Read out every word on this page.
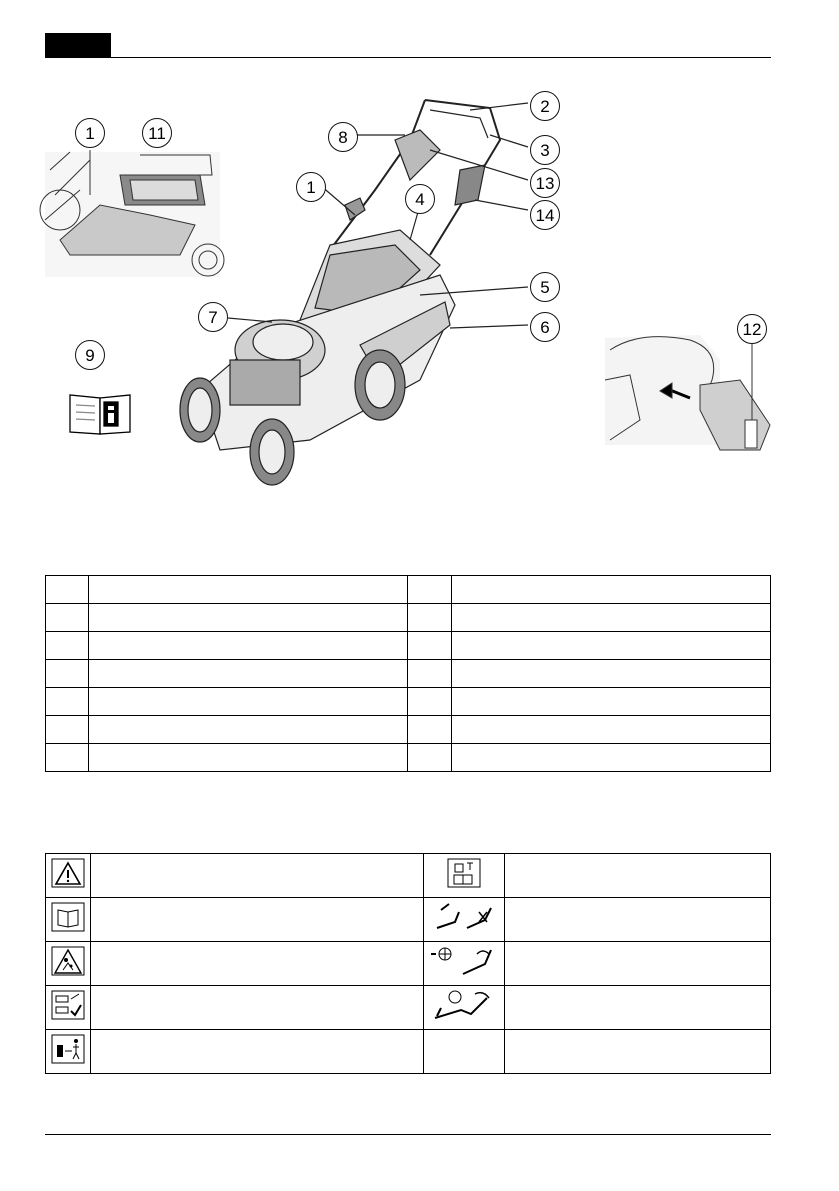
1	11	8
2
3
13
14
1
4
5
6
7
9
12
